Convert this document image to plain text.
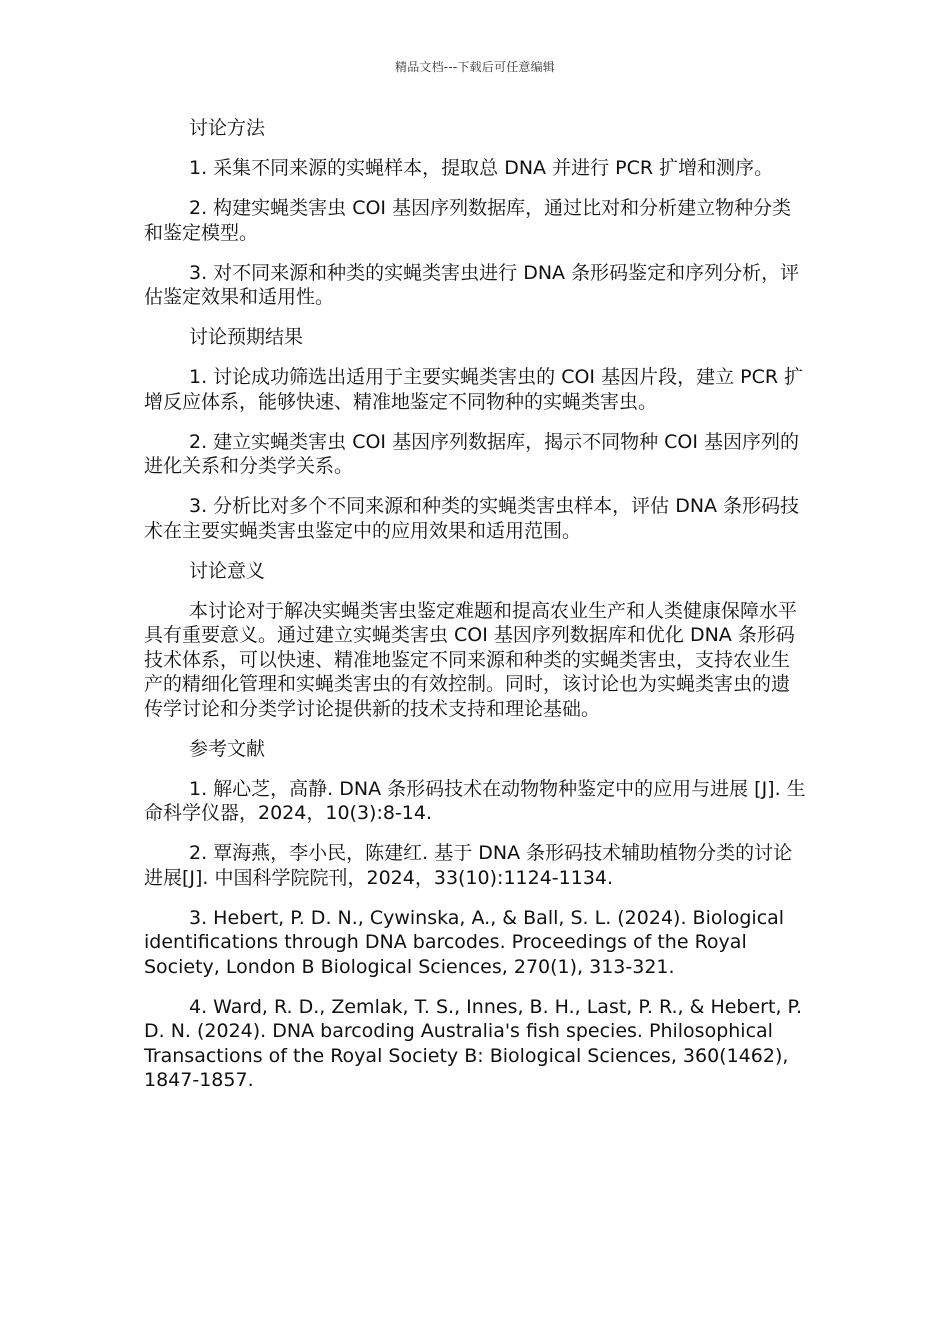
精品文档---下载后可任意编辑

讨论方法

1. 采集不同来源的实蝇样本，提取总 DNA 并进行 PCR 扩增和测序。

2. 构建实蝇类害虫 COI 基因序列数据库，通过比对和分析建立物种分类和鉴定模型。

3. 对不同来源和种类的实蝇类害虫进行 DNA 条形码鉴定和序列分析，评估鉴定效果和适用性。

讨论预期结果

1. 讨论成功筛选出适用于主要实蝇类害虫的 COI 基因片段，建立 PCR 扩增反应体系，能够快速、精准地鉴定不同物种的实蝇类害虫。

2. 建立实蝇类害虫 COI 基因序列数据库，揭示不同物种 COI 基因序列的进化关系和分类学关系。

3. 分析比对多个不同来源和种类的实蝇类害虫样本，评估 DNA 条形码技术在主要实蝇类害虫鉴定中的应用效果和适用范围。

讨论意义

本讨论对于解决实蝇类害虫鉴定难题和提高农业生产和人类健康保障水平具有重要意义。通过建立实蝇类害虫 COI 基因序列数据库和优化 DNA 条形码技术体系，可以快速、精准地鉴定不同来源和种类的实蝇类害虫，支持农业生产的精细化管理和实蝇类害虫的有效控制。同时，该讨论也为实蝇类害虫的遗传学讨论和分类学讨论提供新的技术支持和理论基础。

参考文献

1. 解心芝，高静. DNA 条形码技术在动物物种鉴定中的应用与进展 [J]. 生命科学仪器，2024，10(3):8-14.

2. 覃海燕，李小民，陈建红. 基于 DNA 条形码技术辅助植物分类的讨论进展[J]. 中国科学院院刊，2024，33(10):1124-1134.

3. Hebert, P. D. N., Cywinska, A., & Ball, S. L. (2024). Biological identifications through DNA barcodes. Proceedings of the Royal Society, London B Biological Sciences, 270(1), 313-321.

4. Ward, R. D., Zemlak, T. S., Innes, B. H., Last, P. R., & Hebert, P. D. N. (2024). DNA barcoding Australia's fish species. Philosophical Transactions of the Royal Society B: Biological Sciences, 360(1462), 1847-1857.
